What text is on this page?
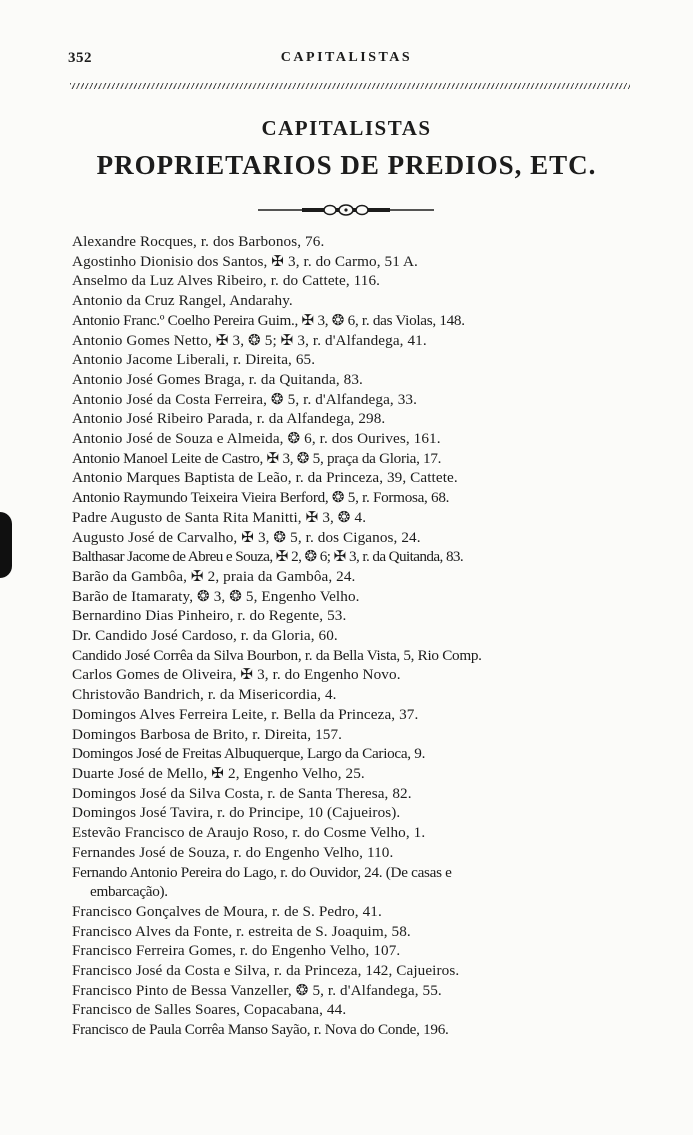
352	CAPITALISTAS
CAPITALISTAS
PROPRIETARIOS DE PREDIOS, ETC.
Alexandre Rocques, r. dos Barbonos, 76.
Agostinho Dionisio dos Santos, ✠ 3, r. do Carmo, 51 A.
Anselmo da Luz Alves Ribeiro, r. do Cattete, 116.
Antonio da Cruz Rangel, Andarahy.
Antonio Franc.º Coelho Pereira Guim., ✠ 3, ❂ 6, r. das Violas, 148.
Antonio Gomes Netto, ✠ 3, ❂ 5; ✠ 3, r. d'Alfandega, 41.
Antonio Jacome Liberali, r. Direita, 65.
Antonio José Gomes Braga, r. da Quitanda, 83.
Antonio José da Costa Ferreira, ❂ 5, r. d'Alfandega, 33.
Antonio José Ribeiro Parada, r. da Alfandega, 298.
Antonio José de Souza e Almeida, ❂ 6, r. dos Ourives, 161.
Antonio Manoel Leite de Castro, ✠ 3, ❂ 5, praça da Gloria, 17.
Antonio Marques Baptista de Leão, r. da Princeza, 39, Cattete.
Antonio Raymundo Teixeira Vieira Berford, ❂ 5, r. Formosa, 68.
Padre Augusto de Santa Rita Manitti, ✠ 3, ❂ 4.
Augusto José de Carvalho, ✠ 3, ❂ 5, r. dos Ciganos, 24.
Balthasar Jacome de Abreu e Souza, ✠ 2, ❂ 6; ✠ 3, r. da Quitanda, 83.
Barão da Gambôa, ✠ 2, praia da Gambôa, 24.
Barão de Itamaraty, ❂ 3, ❂ 5, Engenho Velho.
Bernardino Dias Pinheiro, r. do Regente, 53.
Dr. Candido José Cardoso, r. da Gloria, 60.
Candido José Corrêa da Silva Bourbon, r. da Bella Vista, 5, Rio Comp.
Carlos Gomes de Oliveira, ✠ 3, r. do Engenho Novo.
Christovão Bandrich, r. da Misericordia, 4.
Domingos Alves Ferreira Leite, r. Bella da Princeza, 37.
Domingos Barbosa de Brito, r. Direita, 157.
Domingos José de Freitas Albuquerque, Largo da Carioca, 9.
Duarte José de Mello, ✠ 2, Engenho Velho, 25.
Domingos José da Silva Costa, r. de Santa Theresa, 82.
Domingos José Tavira, r. do Principe, 10 (Cajueiros).
Estevão Francisco de Araujo Roso, r. do Cosme Velho, 1.
Fernandes José de Souza, r. do Engenho Velho, 110.
Fernando Antonio Pereira do Lago, r. do Ouvidor, 24. (De casas e
embarcação).
Francisco Gonçalves de Moura, r. de S. Pedro, 41.
Francisco Alves da Fonte, r. estreita de S. Joaquim, 58.
Francisco Ferreira Gomes, r. do Engenho Velho, 107.
Francisco José da Costa e Silva, r. da Princeza, 142, Cajueiros.
Francisco Pinto de Bessa Vanzeller, ❂ 5, r. d'Alfandega, 55.
Francisco de Salles Soares, Copacabana, 44.
Francisco de Paula Corrêa Manso Sayão, r. Nova do Conde, 196.
